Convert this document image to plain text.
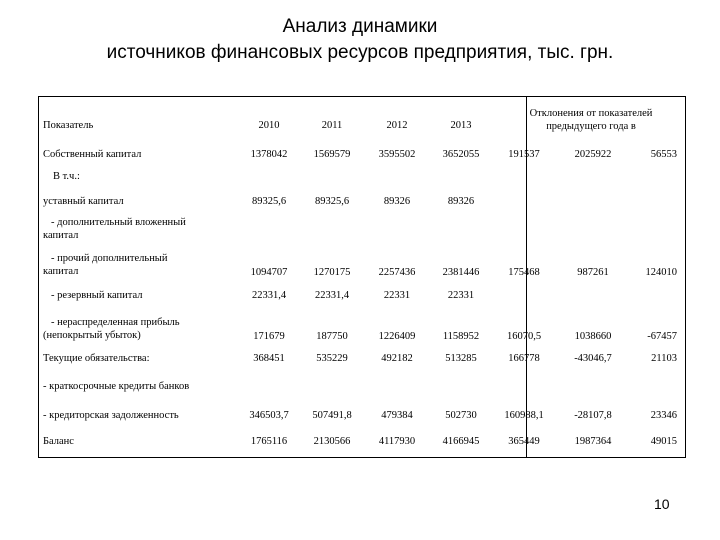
Анализ динамики
источников финансовых ресурсов предприятия, тыс. грн.
Показатель	2010	2011	2012	2013
Отклонения от показателей
предыдущего года в
Собственный капитал	1378042	1569579	3595502	3652055	191537	2025922	56553
В т.ч.:
уставный капитал	89325,6	89325,6	89326	89326
- дополнительный вложенный
капитал
- прочий дополнительный
капитал	1094707	1270175	2257436	2381446	175468	987261	124010
- резервный капитал	22331,4	22331,4	22331	22331
- нераспределенная прибыль
(непокрытый убыток)	171679	187750	1226409	1158952	16070,5	1038660	-67457
Текущие обязательства:	368451	535229	492182	513285	166778	-43046,7	21103
- краткосрочные кредиты банков
- кредиторская задолженность	346503,7	507491,8	479384	502730	160988,1	-28107,8	23346
Баланс	1765116	2130566	4117930	4166945	365449	1987364	49015
10
